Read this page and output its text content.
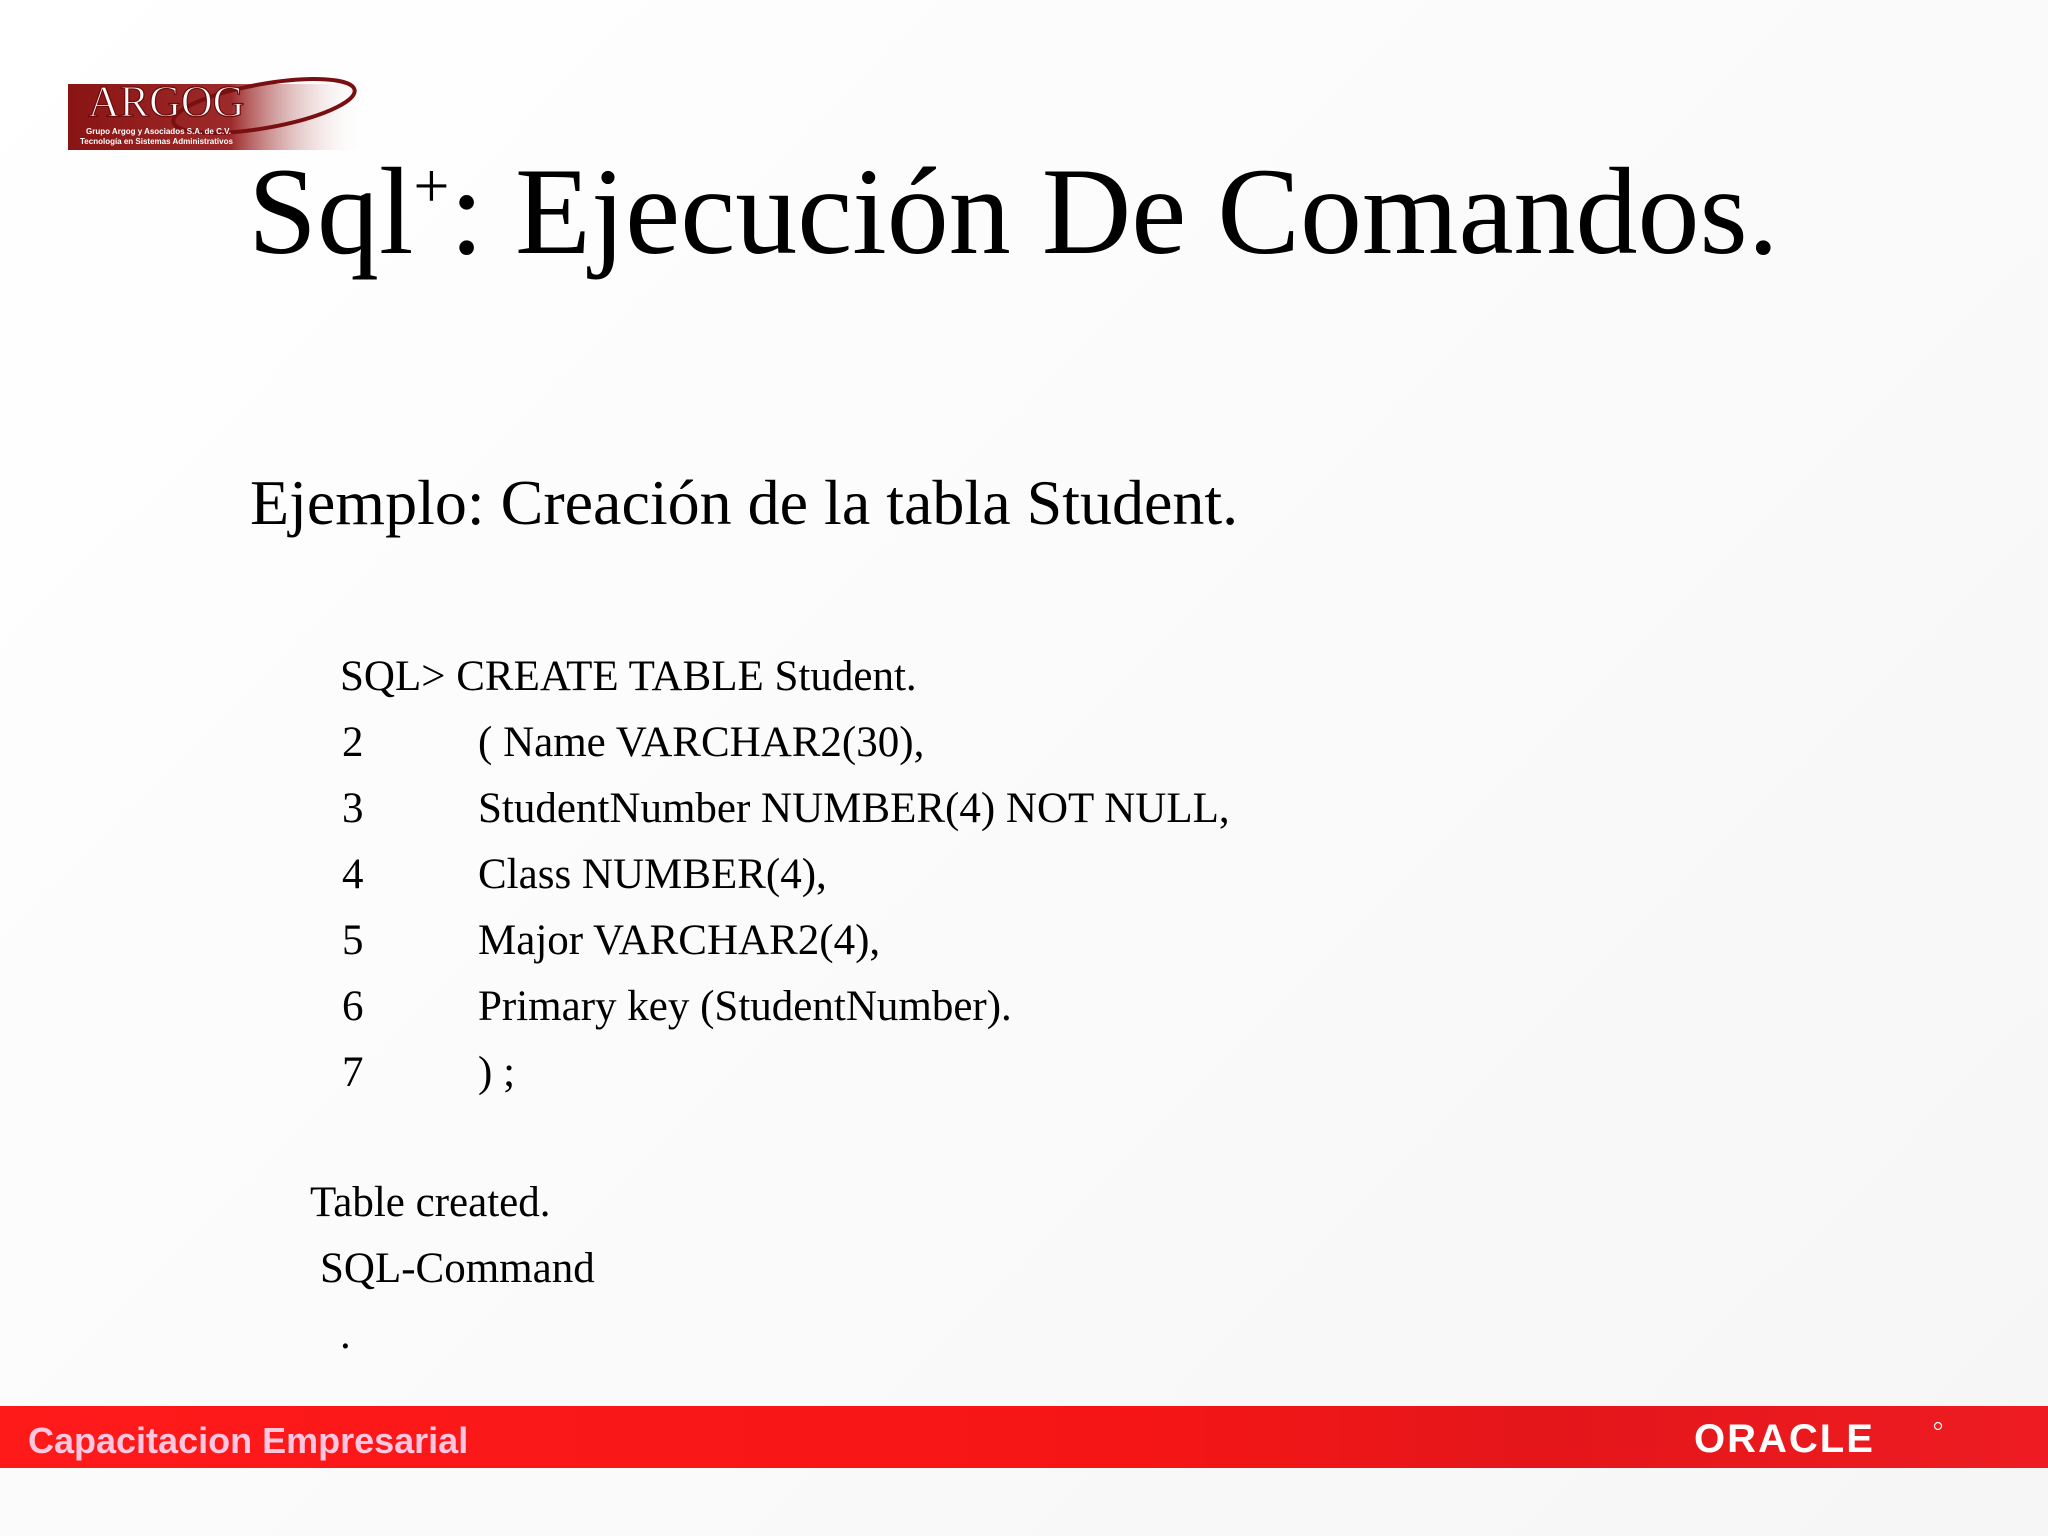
ARGOG
Grupo Argog y Asociados S.A. de C.V.
Tecnología en Sistemas Administrativos
Sql+: Ejecución De Comandos.
Ejemplo: Creación de la tabla Student.
SQL> CREATE TABLE Student.
2	( Name VARCHAR2(30),
3	StudentNumber NUMBER(4) NOT NULL,
4	Class NUMBER(4),
5	Major VARCHAR2(4),
6	Primary key (StudentNumber).
7	) ;
Table created.
SQL-Command
.
Capacitacion Empresarial	ORACLE
